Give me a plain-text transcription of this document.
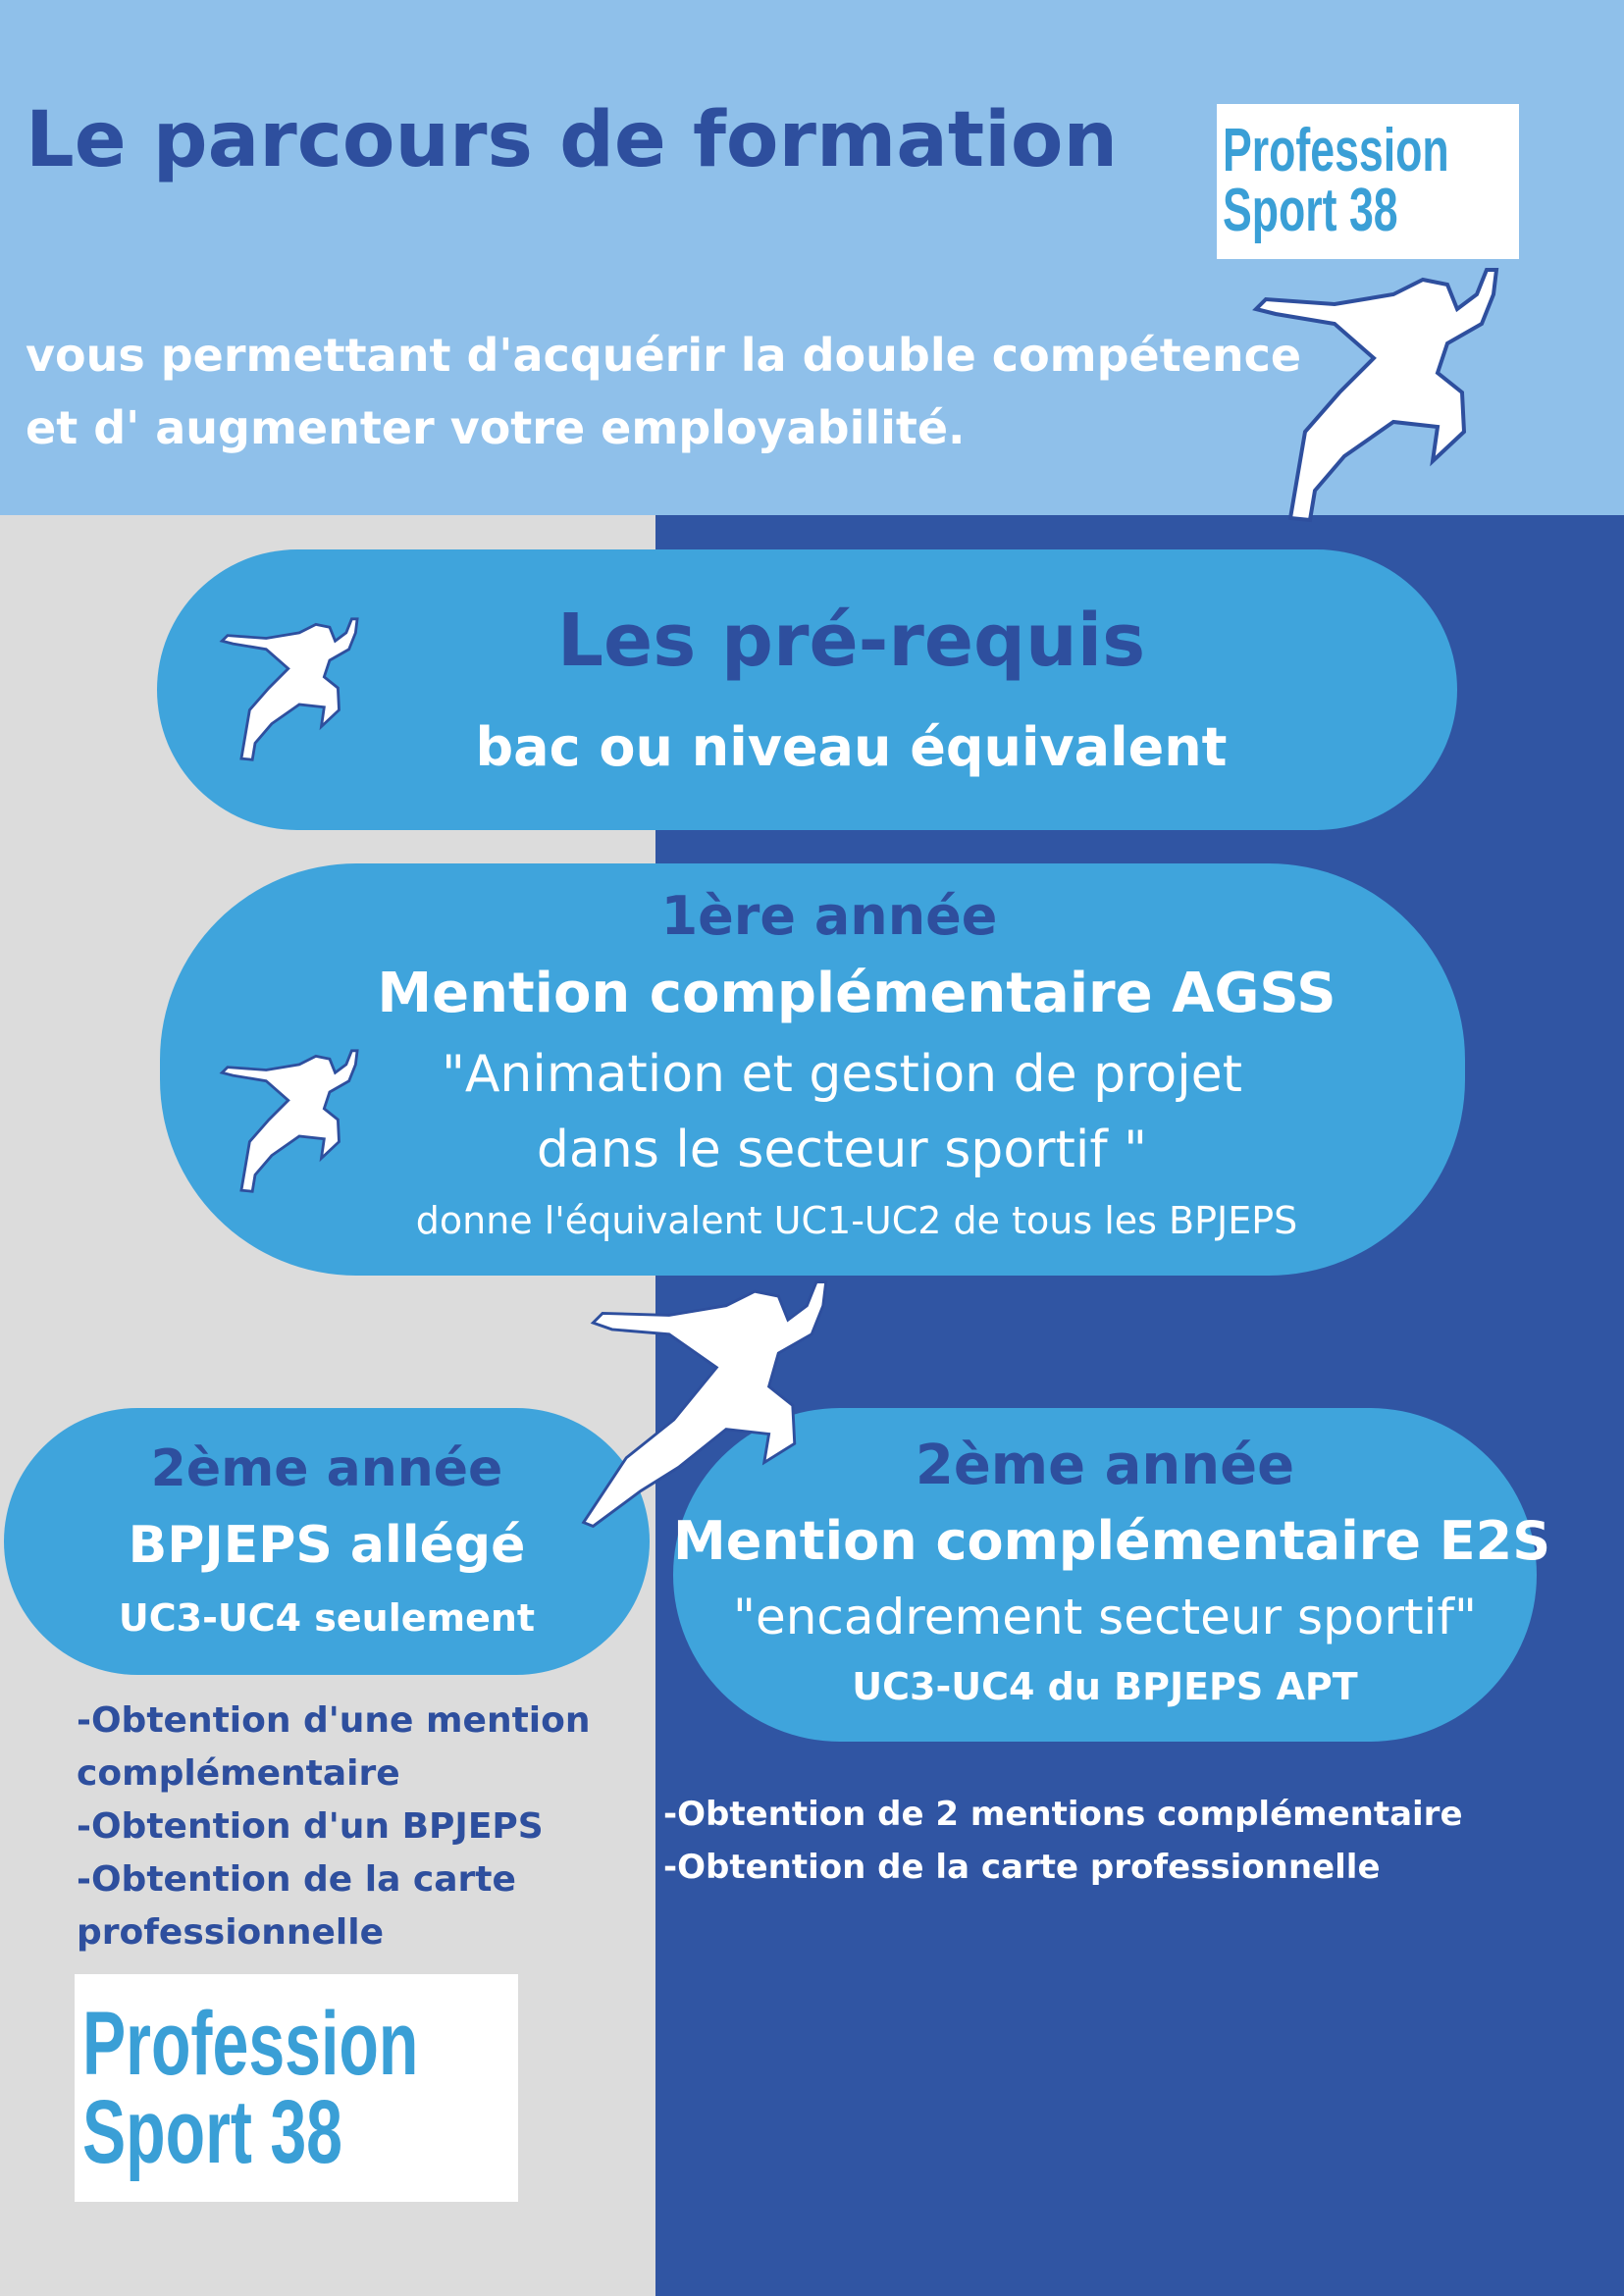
Le parcours de formation
vous permettant d'acquérir la double compétence
et d' augmenter votre employabilité.
Profession
Sport 38
Les pré-requis
bac ou niveau équivalent
1ère année
Mention complémentaire AGSS
"Animation et gestion de projet
dans le secteur sportif "
donne l'équivalent UC1-UC2 de tous les BPJEPS
2ème année
BPJEPS allégé
UC3-UC4 seulement
2ème année
Mention complémentaire E2S
"encadrement secteur sportif"
UC3-UC4 du BPJEPS APT
-Obtention d'une mention
complémentaire
-Obtention d'un BPJEPS
-Obtention de la carte
professionnelle
-Obtention de 2 mentions complémentaire
-Obtention de la carte professionnelle
Profession
Sport 38
